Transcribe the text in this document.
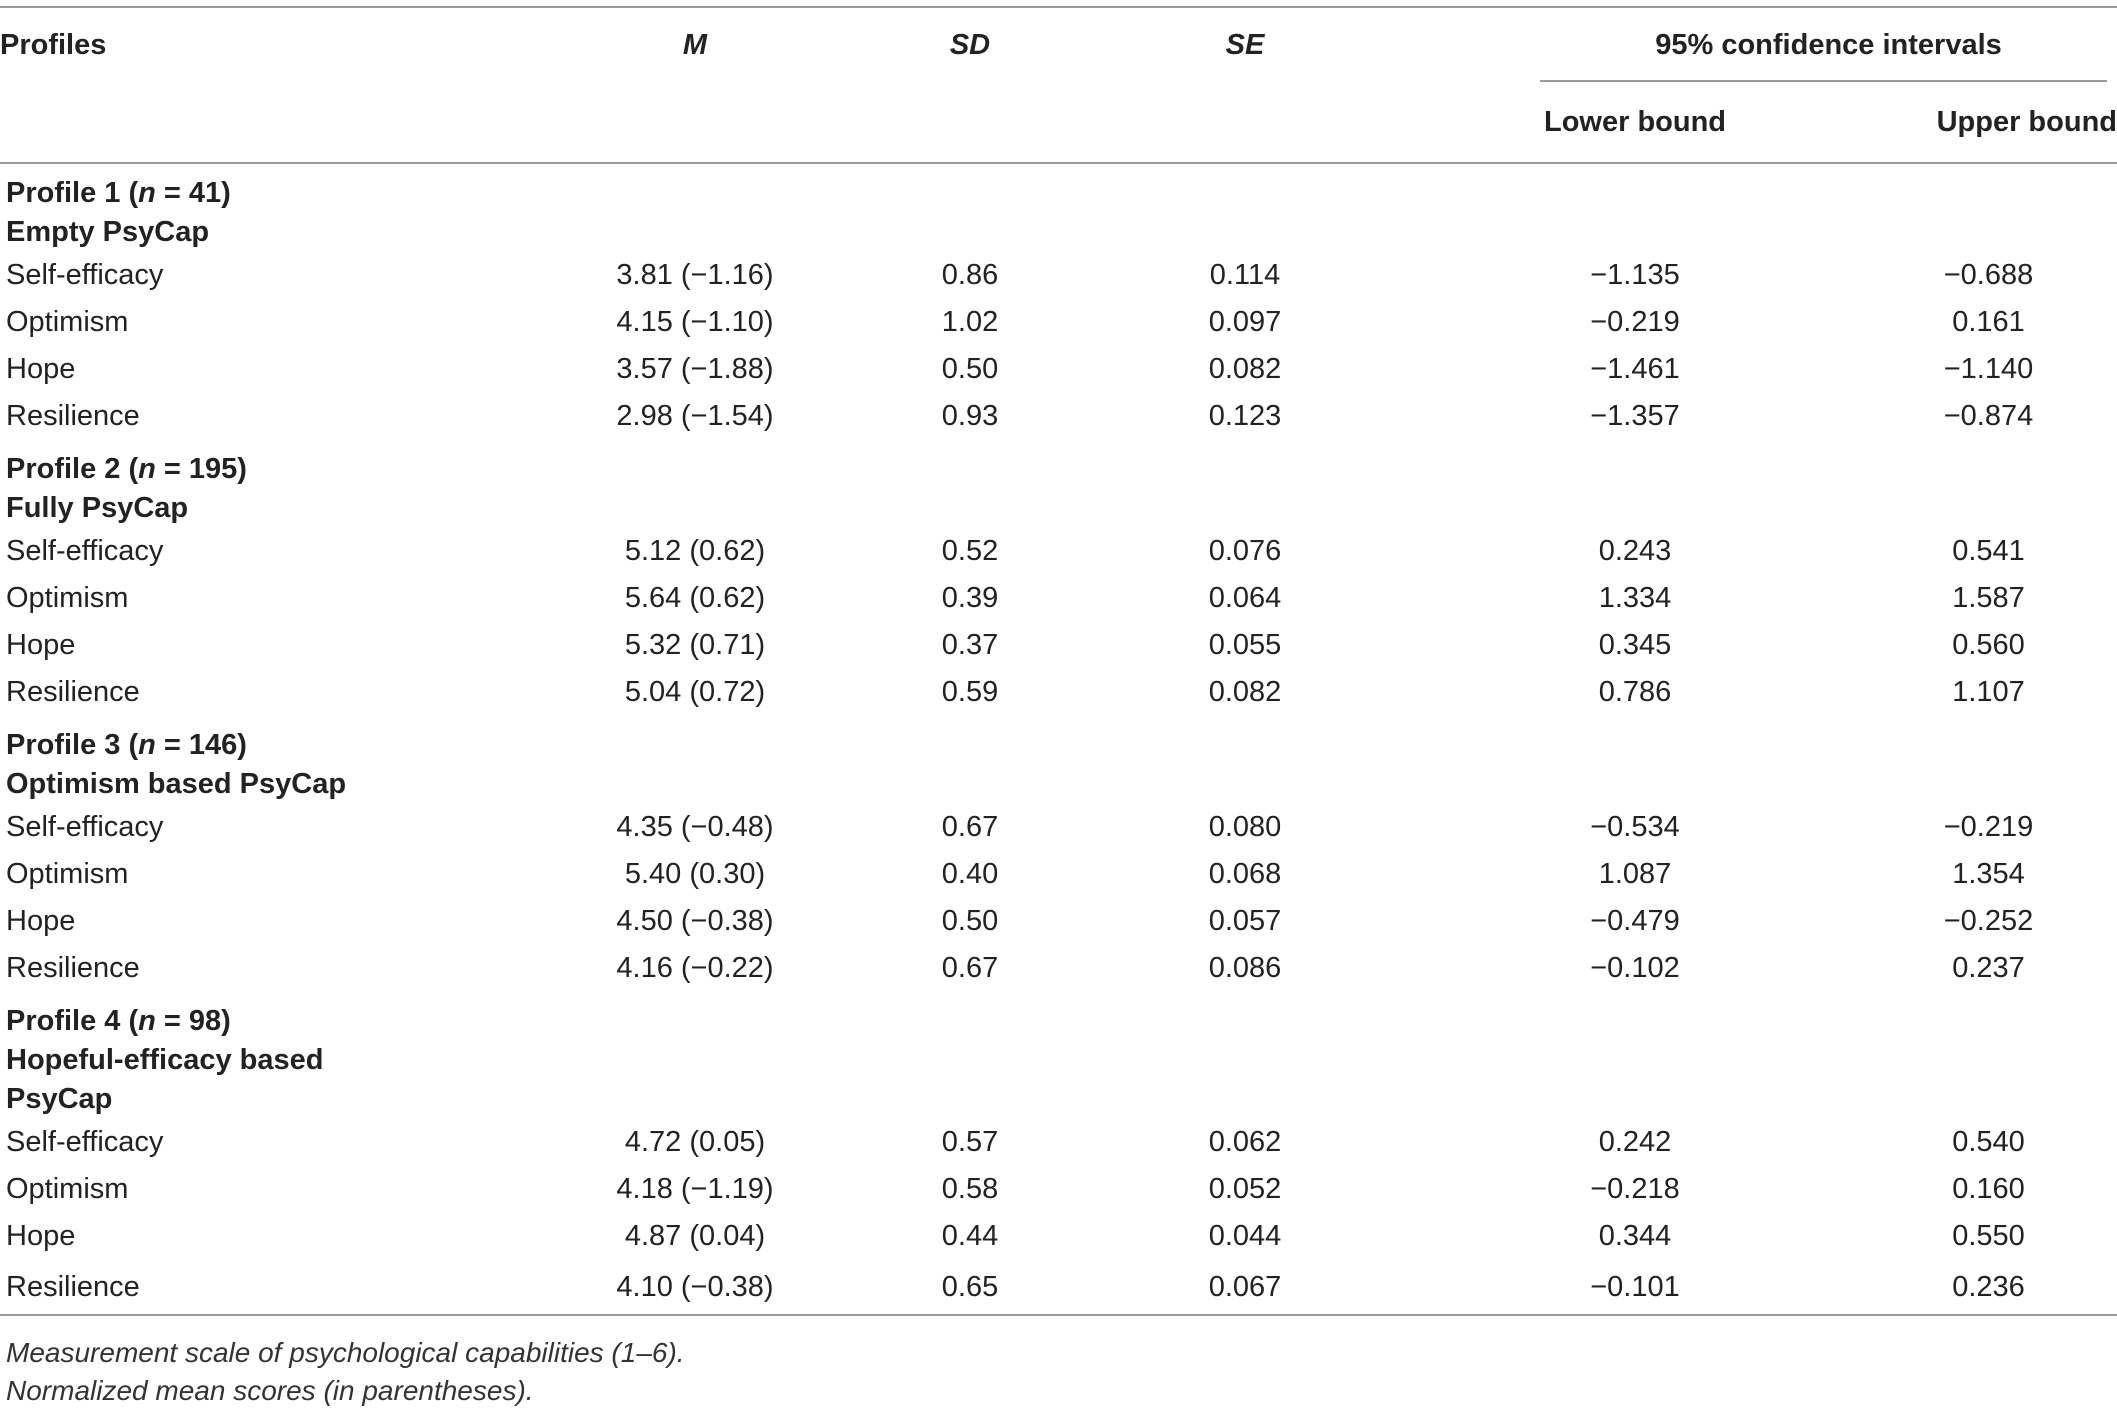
Profiles	M	SD	SE	95% confidence intervals	

				Lower bound	Upper bound
Profile 1 (n = 41)
Empty PsyCap					
Self-efficacy	3.81 (−1.16)	0.86	0.114	−1.135	−0.688
Optimism	4.15 (−1.10)	1.02	0.097	−0.219	0.161
Hope	3.57 (−1.88)	0.50	0.082	−1.461	−1.140
Resilience	2.98 (−1.54)	0.93	0.123	−1.357	−0.874
Profile 2 (n = 195)
Fully PsyCap					
Self-efficacy	5.12 (0.62)	0.52	0.076	0.243	0.541
Optimism	5.64 (0.62)	0.39	0.064	1.334	1.587
Hope	5.32 (0.71)	0.37	0.055	0.345	0.560
Resilience	5.04 (0.72)	0.59	0.082	0.786	1.107
Profile 3 (n = 146)
Optimism based PsyCap					
Self-efficacy	4.35 (−0.48)	0.67	0.080	−0.534	−0.219
Optimism	5.40 (0.30)	0.40	0.068	1.087	1.354
Hope	4.50 (−0.38)	0.50	0.057	−0.479	−0.252
Resilience	4.16 (−0.22)	0.67	0.086	−0.102	0.237
Profile 4 (n = 98)
Hopeful-efficacy based
PsyCap					
Self-efficacy	4.72 (0.05)	0.57	0.062	0.242	0.540
Optimism	4.18 (−1.19)	0.58	0.052	−0.218	0.160
Hope	4.87 (0.04)	0.44	0.044	0.344	0.550
Resilience	4.10 (−0.38)	0.65	0.067	−0.101	0.236
Measurement scale of psychological capabilities (1–6).
Normalized mean scores (in parentheses).
